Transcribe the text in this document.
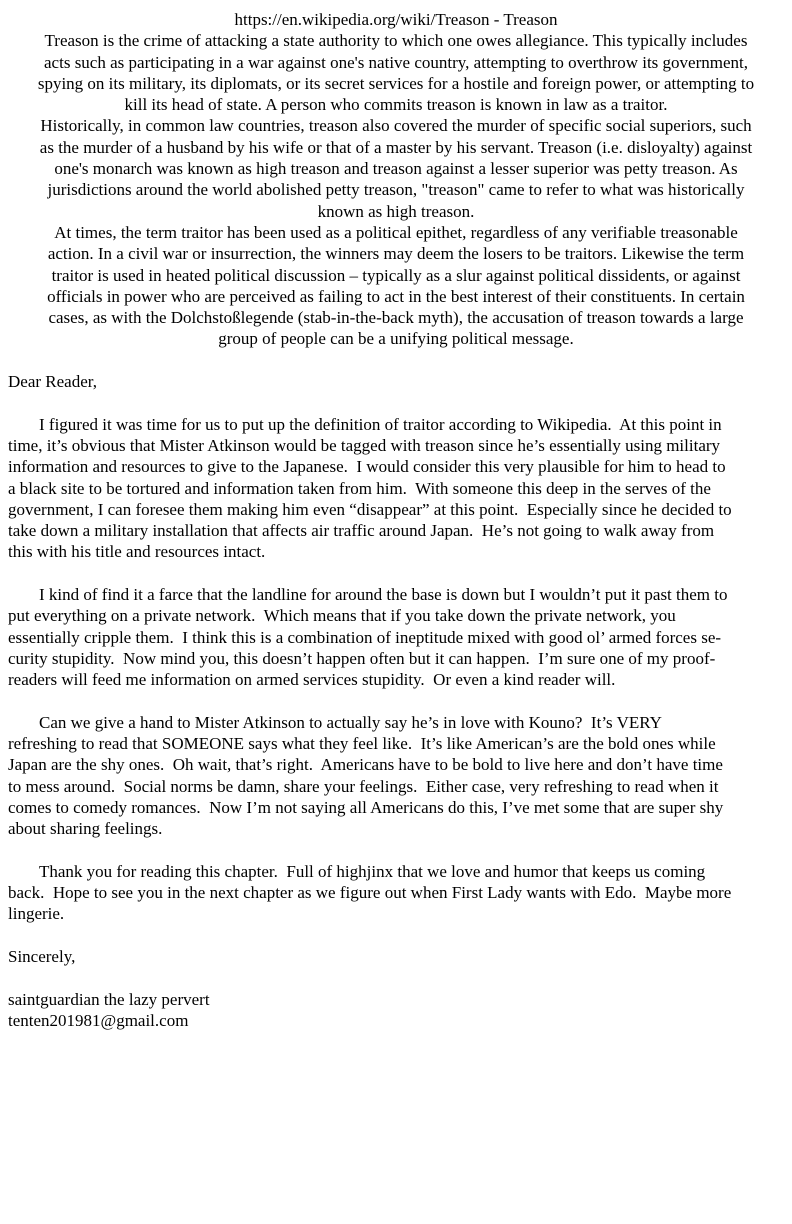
https://en.wikipedia.org/wiki/Treason - Treason
Treason is the crime of attacking a state authority to which one owes allegiance. This typically includes
acts such as participating in a war against one's native country, attempting to overthrow its government,
spying on its military, its diplomats, or its secret services for a hostile and foreign power, or attempting to
kill its head of state. A person who commits treason is known in law as a traitor.
Historically, in common law countries, treason also covered the murder of specific social superiors, such
as the murder of a husband by his wife or that of a master by his servant. Treason (i.e. disloyalty) against
one's monarch was known as high treason and treason against a lesser superior was petty treason. As
jurisdictions around the world abolished petty treason, "treason" came to refer to what was historically
known as high treason.
At times, the term traitor has been used as a political epithet, regardless of any verifiable treasonable
action. In a civil war or insurrection, the winners may deem the losers to be traitors. Likewise the term
traitor is used in heated political discussion – typically as a slur against political dissidents, or against
officials in power who are perceived as failing to act in the best interest of their constituents. In certain
cases, as with the Dolchstoßlegende (stab-in-the-back myth), the accusation of treason towards a large
group of people can be a unifying political message.
Dear Reader,
I figured it was time for us to put up the definition of traitor according to Wikipedia.  At this point in
time, it’s obvious that Mister Atkinson would be tagged with treason since he’s essentially using military
information and resources to give to the Japanese.  I would consider this very plausible for him to head to
a black site to be tortured and information taken from him.  With someone this deep in the serves of the
government, I can foresee them making him even “disappear” at this point.  Especially since he decided to
take down a military installation that affects air traffic around Japan.  He’s not going to walk away from
this with his title and resources intact.
I kind of find it a farce that the landline for around the base is down but I wouldn’t put it past them to
put everything on a private network.  Which means that if you take down the private network, you
essentially cripple them.  I think this is a combination of ineptitude mixed with good ol’ armed forces se-
curity stupidity.  Now mind you, this doesn’t happen often but it can happen.  I’m sure one of my proof-
readers will feed me information on armed services stupidity.  Or even a kind reader will.
Can we give a hand to Mister Atkinson to actually say he’s in love with Kouno?  It’s VERY
refreshing to read that SOMEONE says what they feel like.  It’s like American’s are the bold ones while
Japan are the shy ones.  Oh wait, that’s right.  Americans have to be bold to live here and don’t have time
to mess around.  Social norms be damn, share your feelings.  Either case, very refreshing to read when it
comes to comedy romances.  Now I’m not saying all Americans do this, I’ve met some that are super shy
about sharing feelings.
Thank you for reading this chapter.  Full of highjinx that we love and humor that keeps us coming
back.  Hope to see you in the next chapter as we figure out when First Lady wants with Edo.  Maybe more
lingerie.
Sincerely,
saintguardian the lazy pervert
tenten201981@gmail.com
